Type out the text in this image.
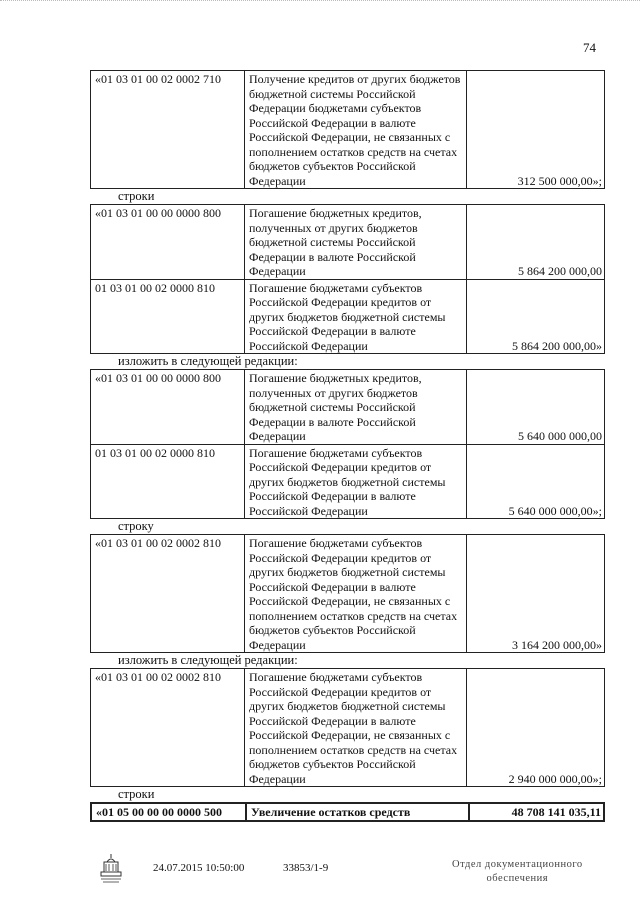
74
«01 03 01 00 02 0002 710	Получение кредитов от других бюджетов бюджетной системы Российской Федерации бюджетами субъектов Российской Федерации в валюте Российской Федерации, не связанных с пополнением остатков средств на счетах бюджетов субъектов Российской Федерации	312 500 000,00»;
строки
«01 03 01 00 00 0000 800	Погашение бюджетных кредитов, полученных от других бюджетов бюджетной системы Российской Федерации в валюте Российской Федерации	5 864 200 000,00
01 03 01 00 02 0000 810	Погашение бюджетами субъектов Российской Федерации кредитов от других бюджетов бюджетной системы Российской Федерации в валюте Российской Федерации	5 864 200 000,00»
изложить в следующей редакции:
«01 03 01 00 00 0000 800	Погашение бюджетных кредитов, полученных от других бюджетов бюджетной системы Российской Федерации в валюте Российской Федерации	5 640 000 000,00
01 03 01 00 02 0000 810	Погашение бюджетами субъектов Российской Федерации кредитов от других бюджетов бюджетной системы Российской Федерации в валюте Российской Федерации	5 640 000 000,00»;
строку
«01 03 01 00 02 0002 810	Погашение бюджетами субъектов Российской Федерации кредитов от других бюджетов бюджетной системы Российской Федерации в валюте Российской Федерации, не связанных с пополнением остатков средств на счетах бюджетов субъектов Российской Федерации	3 164 200 000,00»
изложить в следующей редакции:
«01 03 01 00 02 0002 810	Погашение бюджетами субъектов Российской Федерации кредитов от других бюджетов бюджетной системы Российской Федерации в валюте Российской Федерации, не связанных с пополнением остатков средств на счетах бюджетов субъектов Российской Федерации	2 940 000 000,00»;
строки
«01 05 00 00 00 0000 500	Увеличение остатков средств	48 708 141 035,11
24.07.2015 10:50:00	33853/1-9	Отдел документационного
обеспечения
